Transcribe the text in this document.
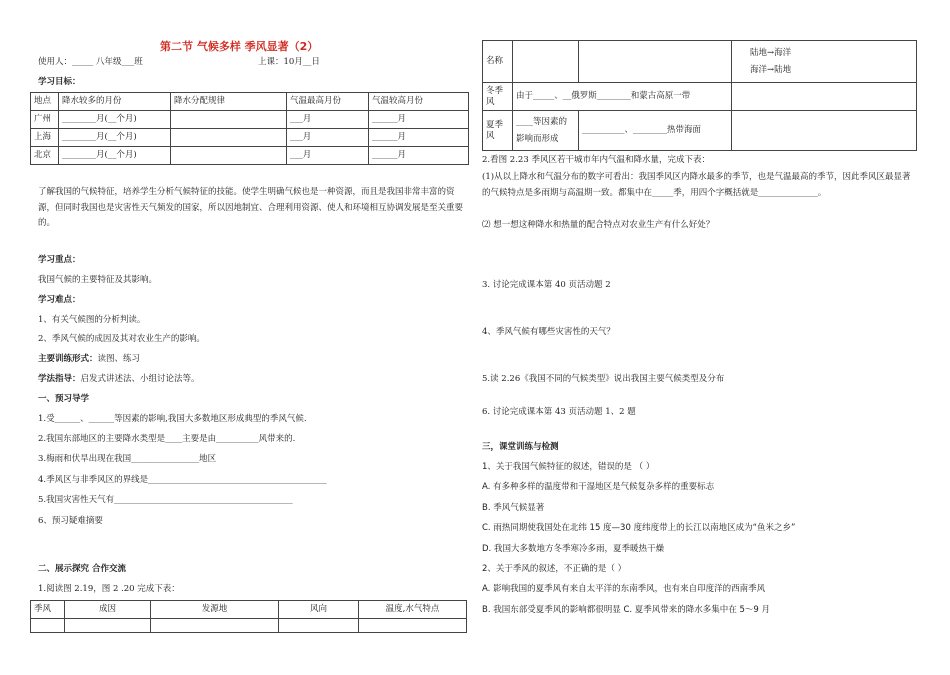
第二节 气候多样 季风显著（2）
使用人：_____ 八年级___班	上课：10月__日
学习目标：
地点	降水较多的月份	降水分配规律	气温最高月份	气温较高月份
广州	________月(__个月)		___月	______月
上海	________月(__个月)		___月	______月
北京	________月(__个月)		___月	______月
了解我国的气候特征，培养学生分析气候特征的技能。使学生明确气候也是一种资源，而且是我国非常丰富的资源，但同时我国也是灾害性天气频发的国家，所以因地制宜、合理利用资源、使人和环境相互协调发展是至关重要的。
学习重点：
我国气候的主要特征及其影响。
学习难点：
1、有关气候图的分析判读。
2、季风气候的成因及其对农业生产的影响。
主要训练形式：读图、练习
学法指导：启发式讲述法、小组讨论法等。
一、预习导学
1.受______、______等因素的影响,我国大多数地区形成典型的季风气候.
2.我国东部地区的主要降水类型是____主要是由__________风带来的.
3.梅雨和伏旱出现在我国________________地区
4.季风区与非季风区的界线是__________________________________________
5.我国灾害性天气有__________________________________________
6、预习疑难摘要
二、展示探究 合作交流
1.阅读图 2.19，图 2 .20 完成下表：
季风	成因	发源地	风向	温度,水气特点

名称			陆地→海洋
海洋→陆地

冬季风	由于_____、__俄罗斯________和蒙古高原一带		
夏季风	____等因素的
影响而形成	__________、________热带海面	
2.看图 2.23 季风区若干城市年内气温和降水量，完成下表：
(1)从以上降水和气温分布的数字可看出：我国季风区内降水最多的季节，也是气温最高的季节，因此季风区最显著的气候特点是多雨期与高温期一致。都集中在_____季，用四个字概括就是______________。
⑵ 想一想这种降水和热量的配合特点对农业生产有什么好处？
3. 讨论完成课本第 40 页活动题 2
4、季风气候有哪些灾害性的天气？
5.读 2.26《我国不同的气候类型》说出我国主要气候类型及分布
6. 讨论完成课本第 43 页活动题 1、2 题
三，课堂训练与检测
1、关于我国气候特征的叙述，错误的是 （ ）
A. 有多种多样的温度带和干湿地区是气候复杂多样的重要标志
B. 季风气候显著
C. 雨热同期使我国处在北纬 15 度—30 度纬度带上的长江以南地区成为“鱼米之乡”
D. 我国大多数地方冬季寒冷多雨，夏季暖热干燥
2、关于季风的叙述，不正确的是（ ）
A. 影响我国的夏季风有来自太平洋的东南季风，也有来自印度洋的西南季风
B. 我国东部受夏季风的影响都很明显 C. 夏季风带来的降水多集中在 5～9 月
